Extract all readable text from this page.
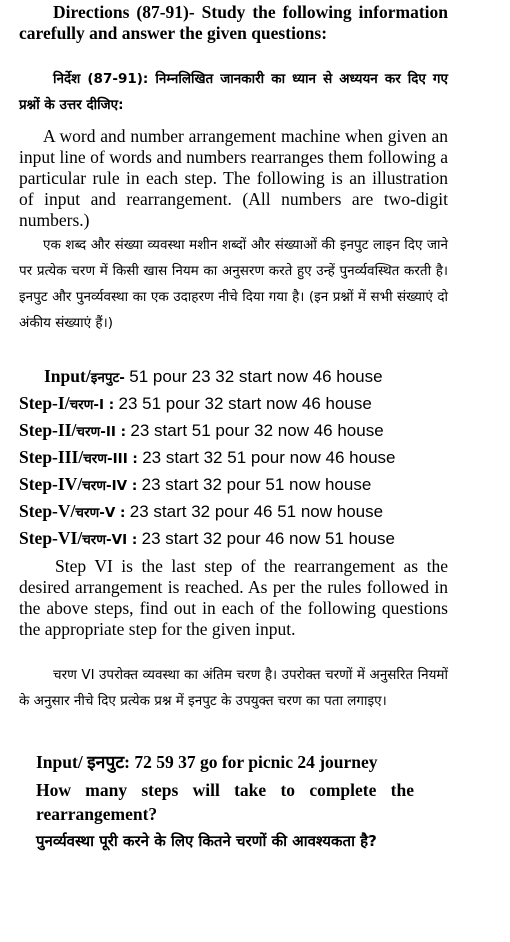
Directions (87-91)- Study the following information carefully and answer the given questions:

निर्देश (87-91): निम्नलिखित जानकारी का ध्यान से अध्ययन कर दिए गए प्रश्नों के उत्तर दीजिए:

A word and number arrangement machine when given an input line of words and numbers rearranges them following a particular rule in each step. The following is an illustration of input and rearrangement. (All numbers are two-digit numbers.)

एक शब्द और संख्या व्यवस्था मशीन शब्दों और संख्याओं की इनपुट लाइन दिए जाने पर प्रत्येक चरण में किसी खास नियम का अनुसरण करते हुए उन्हें पुनर्व्यवस्थित करती है। इनपुट और पुनर्व्यवस्था का एक उदाहरण नीचे दिया गया है। (इन प्रश्नों में सभी संख्याएं दो अंकीय संख्याएं हैं।)

Input/इनपुट- 51 pour 23 32 start now 46 house
Step-I/चरण-I : 23 51 pour 32 start now 46 house
Step-II/चरण-II : 23 start 51 pour 32 now 46 house
Step-III/चरण-III : 23 start 32 51 pour now 46 house
Step-IV/चरण-IV : 23 start 32 pour 51 now house
Step-V/चरण-V : 23 start 32 pour 46 51 now house
Step-VI/चरण-VI : 23 start 32 pour 46 now 51 house

Step VI is the last step of the rearrangement as the desired arrangement is reached. As per the rules followed in the above steps, find out in each of the following questions the appropriate step for the given input.

चरण VI उपरोक्त व्यवस्था का अंतिम चरण है। उपरोक्त चरणों में अनुसरित नियमों के अनुसार नीचे दिए प्रत्येक प्रश्न में इनपुट के उपयुक्त चरण का पता लगाइए।

Input/ इनपुट: 72 59 37 go for picnic 24 journey

How many steps will take to complete the rearrangement?

पुनर्व्यवस्था पूरी करने के लिए कितने चरणों की आवश्यकता है?
